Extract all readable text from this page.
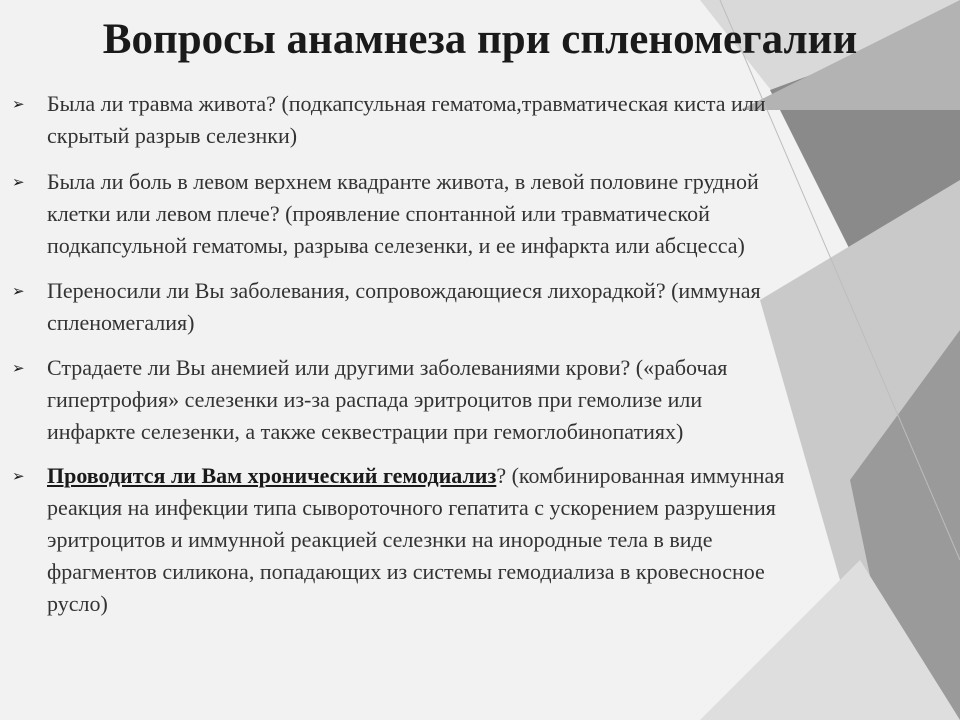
Вопросы анамнеза при спленомегалии
➢ Была ли травма живота? (подкапсульная гематома,травматическая киста или
скрытый разрыв селезнки)
➢ Была ли боль в левом верхнем квадранте живота, в левой половине грудной
клетки или левом плече? (проявление спонтанной или травматической
подкапсульной гематомы, разрыва селезенки, и ее инфаркта или абсцесса)
➢ Переносили ли Вы заболевания, сопровождающиеся лихорадкой? (иммуная
спленомегалия)
➢ Страдаете ли Вы анемией или другими заболеваниями крови? («рабочая
гипертрофия» селезенки из-за распада эритроцитов при гемолизе или
инфаркте селезенки, а также секвестрации при гемоглобинопатиях)
➢ Проводится ли Вам хронический гемодиализ? (комбинированная иммунная
реакция на инфекции типа сывороточного гепатита с ускорением разрушения
эритроцитов и иммунной реакцией селезнки на инородные тела в виде
фрагментов силикона, попадающих из системы гемодиализа в кровесносное
русло)
